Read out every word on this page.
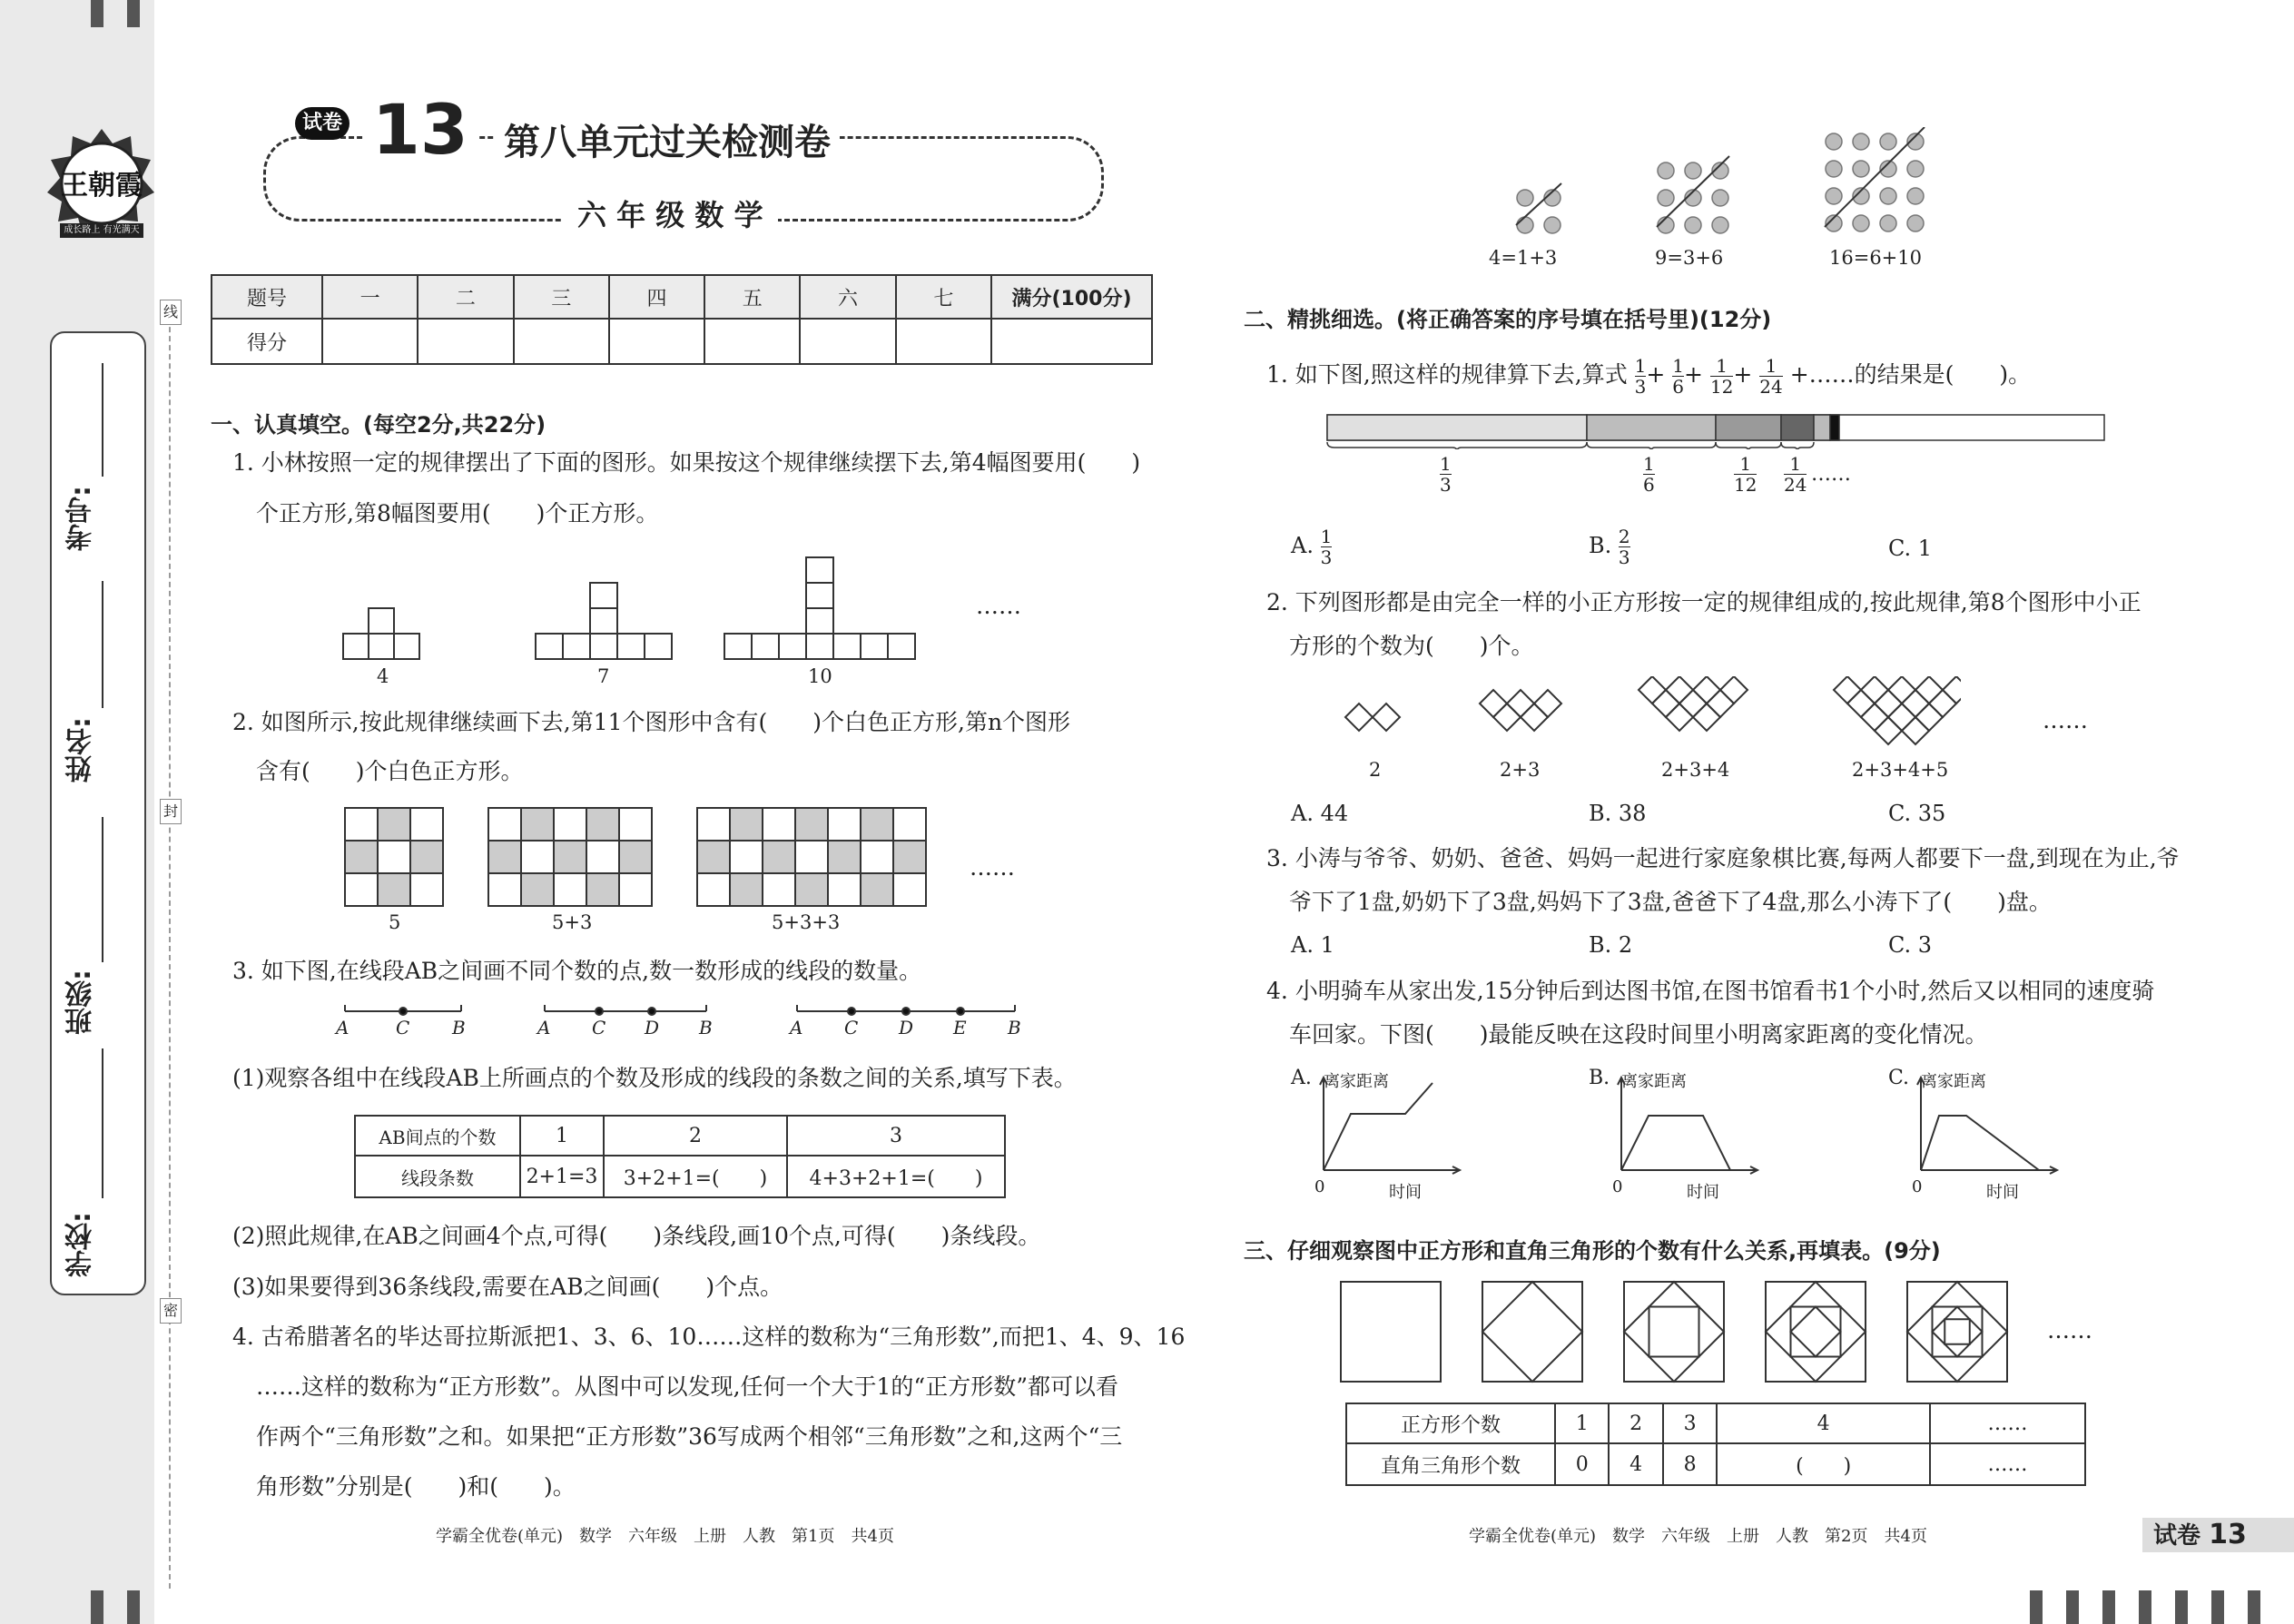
王朝霞
成长路上 有光满天
学校:
班级:
姓名:
考号:
线
封
密
试卷 13 第八单元过关检测卷
六 年 级 数 学
题号	一	二	三	四	五	六	七	满分(100分)
得分								
一、认真填空。(每空2分,共22分)
1. 小林按照一定的规律摆出了下面的图形。如果按这个规律继续摆下去,第4幅图要用(　　)
个正方形,第8幅图要用(　　)个正方形。
4	7	10
……
2. 如图所示,按此规律继续画下去,第11个图形中含有(　　)个白色正方形,第n个图形
含有(　　)个白色正方形。
5	5+3	5+3+3
……
3. 如下图,在线段AB之间画不同个数的点,数一数形成的线段的数量。
A	C B	A C D B	A C D E B
(1)观察各组中在线段AB上所画点的个数及形成的线段的条数之间的关系,填写下表。
AB间点的个数	1	2	3
线段条数	2+1=3	3+2+1=(　　)	4+3+2+1=(　　)
(2)照此规律,在AB之间画4个点,可得(　　)条线段,画10个点,可得(　　)条线段。
(3)如果要得到36条线段,需要在AB之间画(　　)个点。
4. 古希腊著名的毕达哥拉斯派把1、3、6、10……这样的数称为“三角形数”,而把1、4、9、16
……这样的数称为“正方形数”。从图中可以发现,任何一个大于1的“正方形数”都可以看
作两个“三角形数”之和。如果把“正方形数”36写成两个相邻“三角形数”之和,这两个“三
角形数”分别是(　　)和(　　)。
学霸全优卷(单元)　数学　六年级　上册　人教　第1页　共4页
4=1+3	9=3+6	16=6+10
二、精挑细选。(将正确答案的序号填在括号里)(12分)
1. 如下图,照这样的规律算下去,算式 $\frac{1}{3} + \frac{1}{6} + \frac{1}{12} + \frac{1}{24}$ +……的结果是(　　)。
$\frac{1}{3}$	$\frac{1}{6}$	$\frac{1}{12} \frac{1}{24}$ ……
A. $\frac{1}{3}$	B. $\frac{2}{3}$	C. 1
2. 下列图形都是由完全一样的小正方形按一定的规律组成的,按此规律,第8个图形中小正
方形的个数为(　　)个。
……
2	2+3	2+3+4	2+3+4+5
A. 44	B. 38	C. 35
3. 小涛与爷爷、奶奶、爸爸、妈妈一起进行家庭象棋比赛,每两人都要下一盘,到现在为止,爷
爷下了1盘,奶奶下了3盘,妈妈下了3盘,爸爸下了4盘,那么小涛下了(　　)盘。
A. 1	B. 2	C. 3
4. 小明骑车从家出发,15分钟后到达图书馆,在图书馆看书1个小时,然后又以相同的速度骑
车回家。下图(　　)最能反映在这段时间里小明离家距离的变化情况。
A. 离家距离
0	时间
B. 离家距离
0	时间
C. 离家距离
0	时间
三、仔细观察图中正方形和直角三角形的个数有什么关系,再填表。(9分)
……
正方形个数	1	2	3	4	……
直角三角形个数	0	4	8	(　　)	……
学霸全优卷(单元)　数学　六年级　上册　人教　第2页　共4页	试卷 13
